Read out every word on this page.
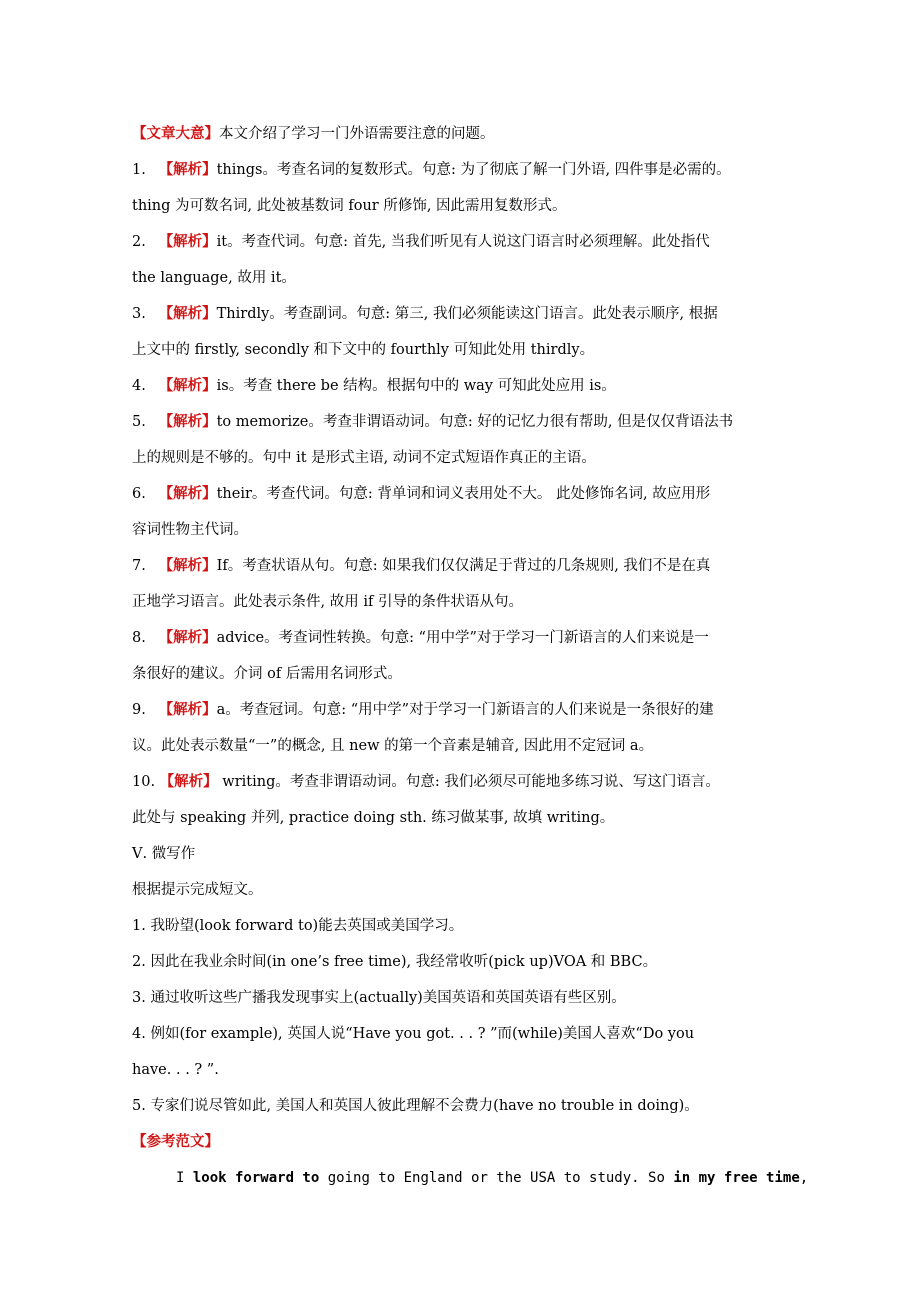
【文章大意】本文介绍了学习一门外语需要注意的问题。
1. 【解析】things。考查名词的复数形式。句意: 为了彻底了解一门外语, 四件事是必需的。
thing 为可数名词, 此处被基数词 four 所修饰, 因此需用复数形式。
2. 【解析】it。考查代词。句意: 首先, 当我们听见有人说这门语言时必须理解。此处指代
the language, 故用 it。
3. 【解析】Thirdly。考查副词。句意: 第三, 我们必须能读这门语言。此处表示顺序, 根据
上文中的 firstly, secondly 和下文中的 fourthly 可知此处用 thirdly。
4. 【解析】is。考查 there be 结构。根据句中的 way 可知此处应用 is。
5. 【解析】to memorize。考查非谓语动词。句意: 好的记忆力很有帮助, 但是仅仅背语法书
上的规则是不够的。句中 it 是形式主语, 动词不定式短语作真正的主语。
6. 【解析】their。考查代词。句意: 背单词和词义表用处不大。 此处修饰名词, 故应用形
容词性物主代词。
7. 【解析】If。考查状语从句。句意: 如果我们仅仅满足于背过的几条规则, 我们不是在真
正地学习语言。此处表示条件, 故用 if 引导的条件状语从句。
8. 【解析】advice。考查词性转换。句意: “用中学”对于学习一门新语言的人们来说是一
条很好的建议。介词 of 后需用名词形式。
9. 【解析】a。考查冠词。句意: “用中学”对于学习一门新语言的人们来说是一条很好的建
议。此处表示数量“一”的概念, 且 new 的第一个音素是辅音, 因此用不定冠词 a。
10. 【解析】 writing。考查非谓语动词。句意: 我们必须尽可能地多练习说、写这门语言。
此处与 speaking 并列, practice doing sth. 练习做某事, 故填 writing。
Ⅴ. 微写作
根据提示完成短文。
1. 我盼望(look forward to)能去英国或美国学习。
2. 因此在我业余时间(in one’s free time), 我经常收听(pick up)VOA 和 BBC。
3. 通过收听这些广播我发现事实上(actually)美国英语和英国英语有些区别。
4. 例如(for example), 英国人说“Have you got. . . ? ”而(while)美国人喜欢“Do you
have. . . ? ”.
5. 专家们说尽管如此, 美国人和英国人彼此理解不会费力(have no trouble in doing)。
【参考范文】
I look forward to going to England or the USA to study. So in my free time,
